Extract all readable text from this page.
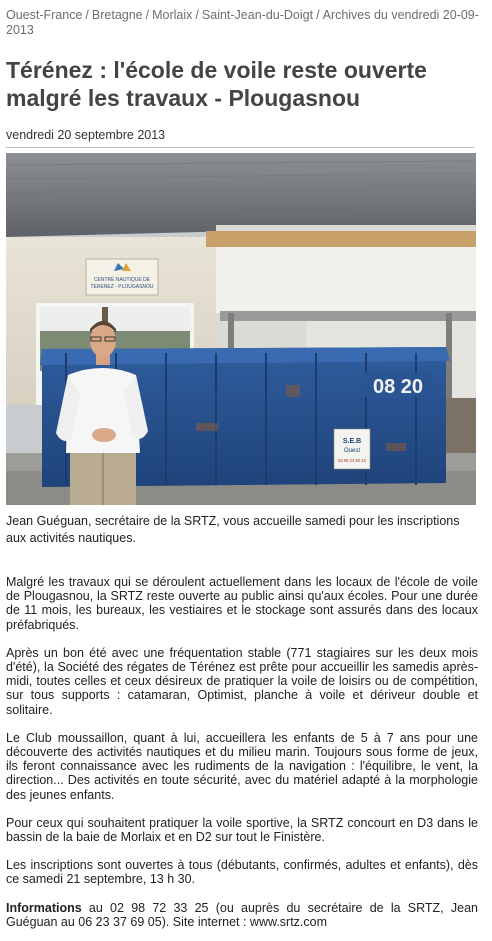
Ouest-France / Bretagne / Morlaix / Saint-Jean-du-Doigt / Archives du vendredi 20-09-2013
Térénez : l'école de voile reste ouverte malgré les travaux - Plougasnou
vendredi 20 septembre 2013
CENTRE NAUTIQUE DE
TERENEZ - PLOUGASNOU
08 20
S.E.B
Ouest
02.98.24.50.16
Jean Guéguan, secrétaire de la SRTZ, vous accueille samedi pour les inscriptions aux activités nautiques.

Malgré les travaux qui se déroulent actuellement dans les locaux de l'école de voile de Plougasnou, la SRTZ reste ouverte au public ainsi qu'aux écoles. Pour une durée de 11 mois, les bureaux, les vestiaires et le stockage sont assurés dans des locaux préfabriqués.

Après un bon été avec une fréquentation stable (771 stagiaires sur les deux mois d'été), la Société des régates de Térénez est prête pour accueillir les samedis après-midi, toutes celles et ceux désireux de pratiquer la voile de loisirs ou de compétition, sur tous supports : catamaran, Optimist, planche à voile et dériveur double et solitaire.

Le Club moussaillon, quant à lui, accueillera les enfants de 5 à 7 ans pour une découverte des activités nautiques et du milieu marin. Toujours sous forme de jeux, ils feront connaissance avec les rudiments de la navigation : l'équilibre, le vent, la direction... Des activités en toute sécurité, avec du matériel adapté à la morphologie des jeunes enfants.

Pour ceux qui souhaitent pratiquer la voile sportive, la SRTZ concourt en D3 dans le bassin de la baie de Morlaix et en D2 sur tout le Finistère.

Les inscriptions sont ouvertes à tous (débutants, confirmés, adultes et enfants), dès ce samedi 21 septembre, 13 h 30.

Informations au 02 98 72 33 25 (ou auprès du secrétaire de la SRTZ, Jean Guéguan au 06 23 37 69 05). Site internet : www.srtz.com
